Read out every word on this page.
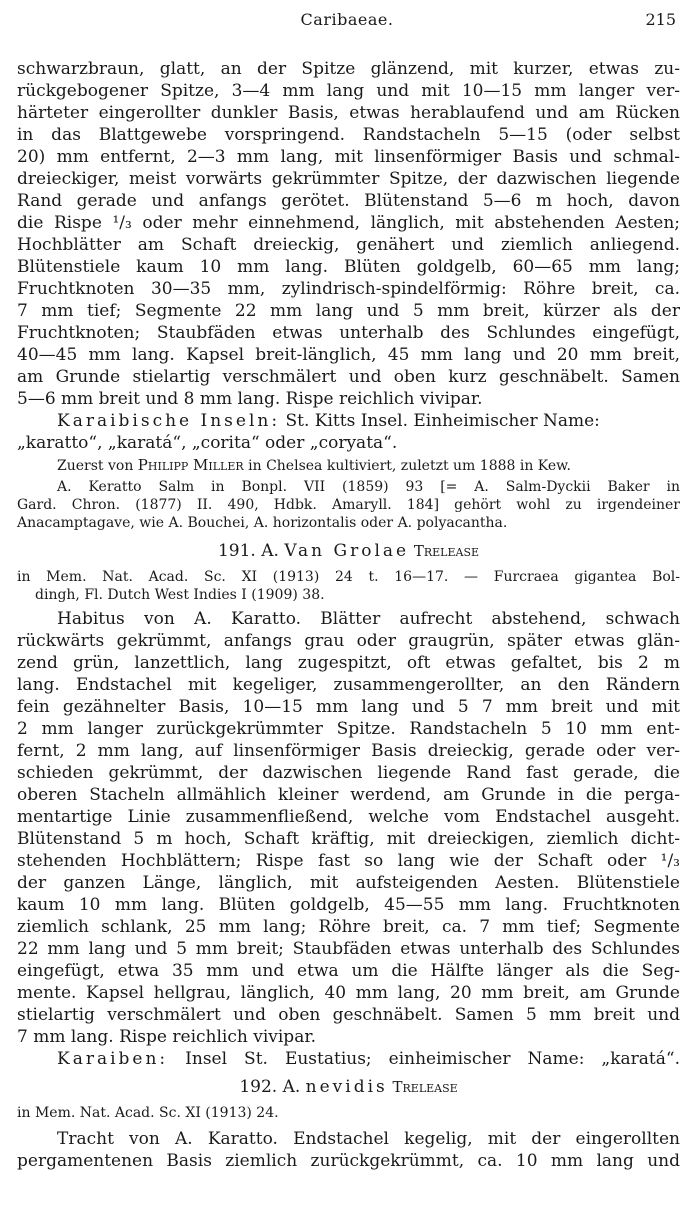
Caribaeae.	215
schwarzbraun, glatt, an der Spitze glänzend, mit kurzer, etwas zu-
rückgebogener Spitze, 3—4 mm lang und mit 10—15 mm langer ver-
härteter eingerollter dunkler Basis, etwas herablaufend und am Rücken
in das Blattgewebe vorspringend. Randstacheln 5—15 (oder selbst
20) mm entfernt, 2—3 mm lang, mit linsenförmiger Basis und schmal-
dreieckiger, meist vorwärts gekrümmter Spitze, der dazwischen liegende
Rand gerade und anfangs gerötet. Blütenstand 5—6 m hoch, davon
die Rispe ¹/₃ oder mehr einnehmend, länglich, mit abstehenden Aesten;
Hochblätter am Schaft dreieckig, genähert und ziemlich anliegend.
Blütenstiele kaum 10 mm lang. Blüten goldgelb, 60—65 mm lang;
Fruchtknoten 30—35 mm, zylindrisch-spindelförmig: Röhre breit, ca.
7 mm tief; Segmente 22 mm lang und 5 mm breit, kürzer als der
Fruchtknoten; Staubfäden etwas unterhalb des Schlundes eingefügt,
40—45 mm lang. Kapsel breit-länglich, 45 mm lang und 20 mm breit,
am Grunde stielartig verschmälert und oben kurz geschnäbelt. Samen
5—6 mm breit und 8 mm lang. Rispe reichlich vivipar.
Karaibische Inseln: St. Kitts Insel. Einheimischer Name:
„karatto“, „karatá“, „corita“ oder „coryata“.
Zuerst von Philipp Miller in Chelsea kultiviert, zuletzt um 1888 in Kew.
A. Keratto Salm in Bonpl. VII (1859) 93 [= A. Salm-Dyckii Baker in
Gard. Chron. (1877) II. 490, Hdbk. Amaryll. 184] gehört wohl zu irgendeiner
Anacamptagave, wie A. Bouchei, A. horizontalis oder A. polyacantha.
191. A. Van Grolae Trelease
in Mem. Nat. Acad. Sc. XI (1913) 24 t. 16—17. — Furcraea gigantea Bol-
dingh, Fl. Dutch West Indies I (1909) 38.
Habitus von A. Karatto. Blätter aufrecht abstehend, schwach
rückwärts gekrümmt, anfangs grau oder graugrün, später etwas glän-
zend grün, lanzettlich, lang zugespitzt, oft etwas gefaltet, bis 2 m
lang. Endstachel mit kegeliger, zusammengerollter, an den Rändern
fein gezähnelter Basis, 10—15 mm lang und 5 7 mm breit und mit
2 mm langer zurückgekrümmter Spitze. Randstacheln 5 10 mm ent-
fernt, 2 mm lang, auf linsenförmiger Basis dreieckig, gerade oder ver-
schieden gekrümmt, der dazwischen liegende Rand fast gerade, die
oberen Stacheln allmählich kleiner werdend, am Grunde in die perga-
mentartige Linie zusammenfließend, welche vom Endstachel ausgeht.
Blütenstand 5 m hoch, Schaft kräftig, mit dreieckigen, ziemlich dicht-
stehenden Hochblättern; Rispe fast so lang wie der Schaft oder ¹/₃
der ganzen Länge, länglich, mit aufsteigenden Aesten. Blütenstiele
kaum 10 mm lang. Blüten goldgelb, 45—55 mm lang. Fruchtknoten
ziemlich schlank, 25 mm lang; Röhre breit, ca. 7 mm tief; Segmente
22 mm lang und 5 mm breit; Staubfäden etwas unterhalb des Schlundes
eingefügt, etwa 35 mm und etwa um die Hälfte länger als die Seg-
mente. Kapsel hellgrau, länglich, 40 mm lang, 20 mm breit, am Grunde
stielartig verschmälert und oben geschnäbelt. Samen 5 mm breit und
7 mm lang. Rispe reichlich vivipar.
Karaiben: Insel St. Eustatius; einheimischer Name: „karatá“.
192. A. nevidis Trelease
in Mem. Nat. Acad. Sc. XI (1913) 24.
Tracht von A. Karatto. Endstachel kegelig, mit der eingerollten
pergamentenen Basis ziemlich zurückgekrümmt, ca. 10 mm lang und
